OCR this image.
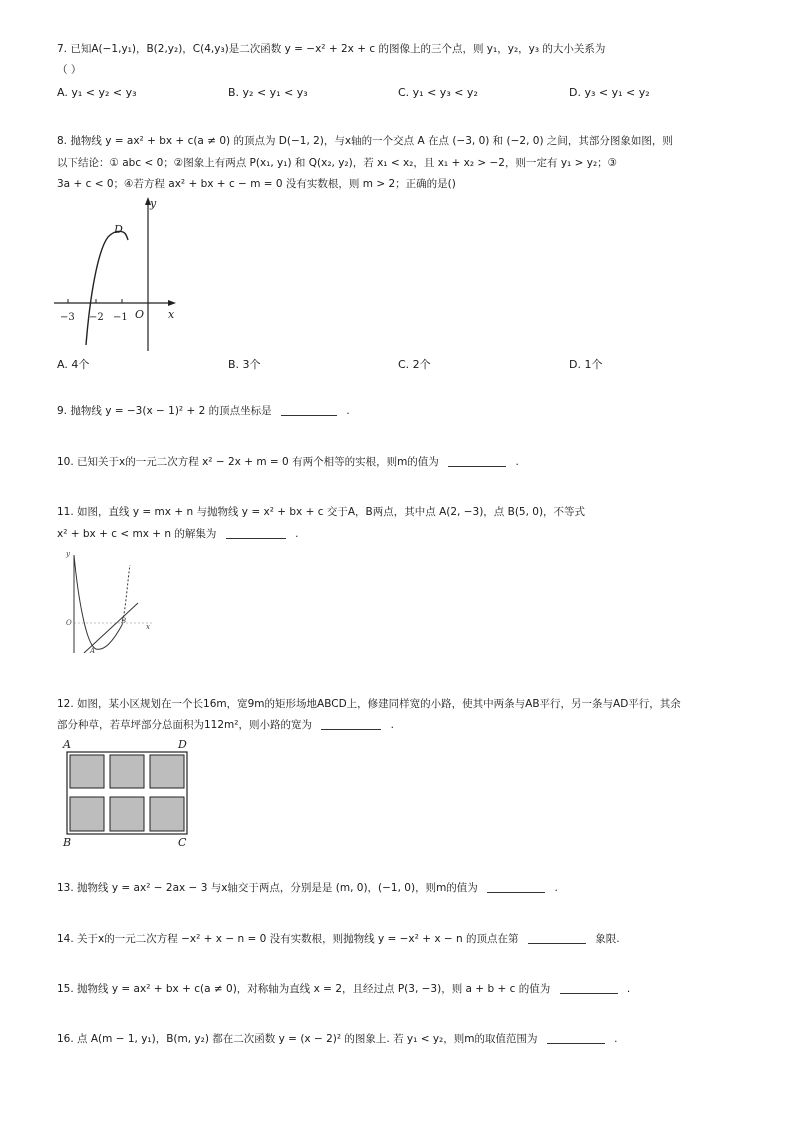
7. 已知A(−1,y₁)，B(2,y₂)，C(4,y₃)是二次函数 y = −x² + 2x + c 的图像上的三个点，则 y₁，y₂，y₃ 的大小关系为
（ ）
A. y₁ < y₂ < y₃	B. y₂ < y₁ < y₃	C. y₁ < y₃ < y₂	D. y₃ < y₁ < y₂
8. 抛物线 y = ax² + bx + c(a ≠ 0) 的顶点为 D(−1, 2)，与x轴的一个交点 A 在点 (−3, 0) 和 (−2, 0) 之间，其部分图象如图，则
以下结论：① abc < 0；②图象上有两点 P(x₁, y₁) 和 Q(x₂, y₂)，若 x₁ < x₂，且 x₁ + x₂ > −2，则一定有 y₁ > y₂；③
3a + c < 0；④若方程 ax² + bx + c − m = 0 没有实数根，则 m > 2；正确的是()
y
x
D
O
−3 −2 −1
A. 4个	B. 3个	C. 2个	D. 1个
9. 抛物线 y = −3(x − 1)² + 2 的顶点坐标是	.
10. 已知关于x的一元二次方程 x² − 2x + m = 0 有两个相等的实根，则m的值为	.
11. 如图，直线 y = mx + n 与抛物线 y = x² + bx + c 交于A，B两点，其中点 A(2, −3)，点 B(5, 0)，不等式
x² + bx + c < mx + n 的解集为	.
y
x
O	B
A
12. 如图，某小区规划在一个长16m，宽9m的矩形场地ABCD上，修建同样宽的小路，使其中两条与AB平行，另一条与AD平行，其余
部分种草，若草坪部分总面积为112m²，则小路的宽为	.
A	D
B	C
13. 抛物线 y = ax² − 2ax − 3 与x轴交于两点，分别是是 (m, 0)，(−1, 0)，则m的值为	.
14. 关于x的一元二次方程 −x² + x − n = 0 没有实数根，则抛物线 y = −x² + x − n 的顶点在第	象限.
15. 抛物线 y = ax² + bx + c(a ≠ 0)，对称轴为直线 x = 2，且经过点 P(3, −3)，则 a + b + c 的值为	.
16. 点 A(m − 1, y₁)，B(m, y₂) 都在二次函数 y = (x − 2)² 的图象上. 若 y₁ < y₂，则m的取值范围为	.
